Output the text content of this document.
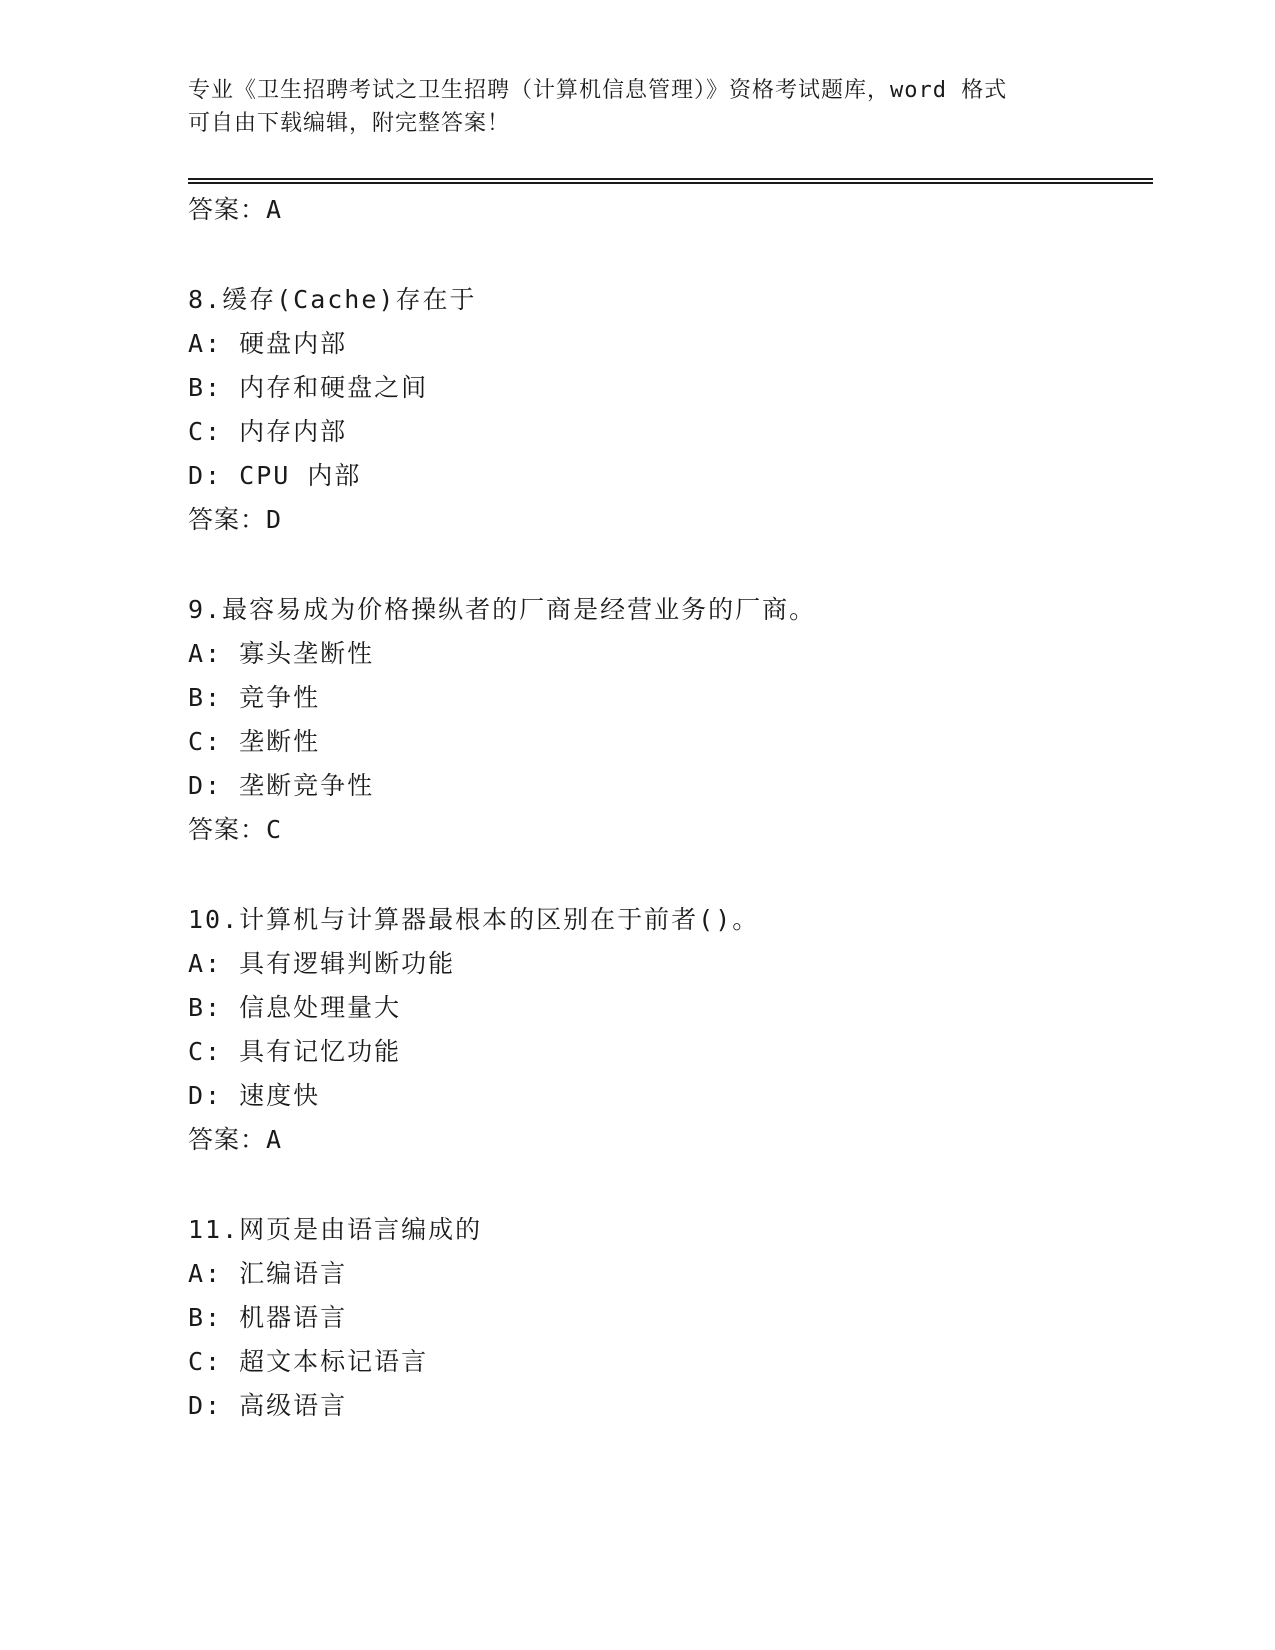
专业《卫生招聘考试之卫生招聘（计算机信息管理）》资格考试题库，word 格式
可自由下载编辑，附完整答案！
答案：A
8.缓存(Cache)存在于
A: 硬盘内部
B: 内存和硬盘之间
C: 内存内部
D: CPU 内部
答案：D
9.最容易成为价格操纵者的厂商是经营业务的厂商。
A: 寡头垄断性
B: 竞争性
C: 垄断性
D: 垄断竞争性
答案：C
10.计算机与计算器最根本的区别在于前者()。
A: 具有逻辑判断功能
B: 信息处理量大
C: 具有记忆功能
D: 速度快
答案：A
11.网页是由语言编成的
A: 汇编语言
B: 机器语言
C: 超文本标记语言
D: 高级语言
